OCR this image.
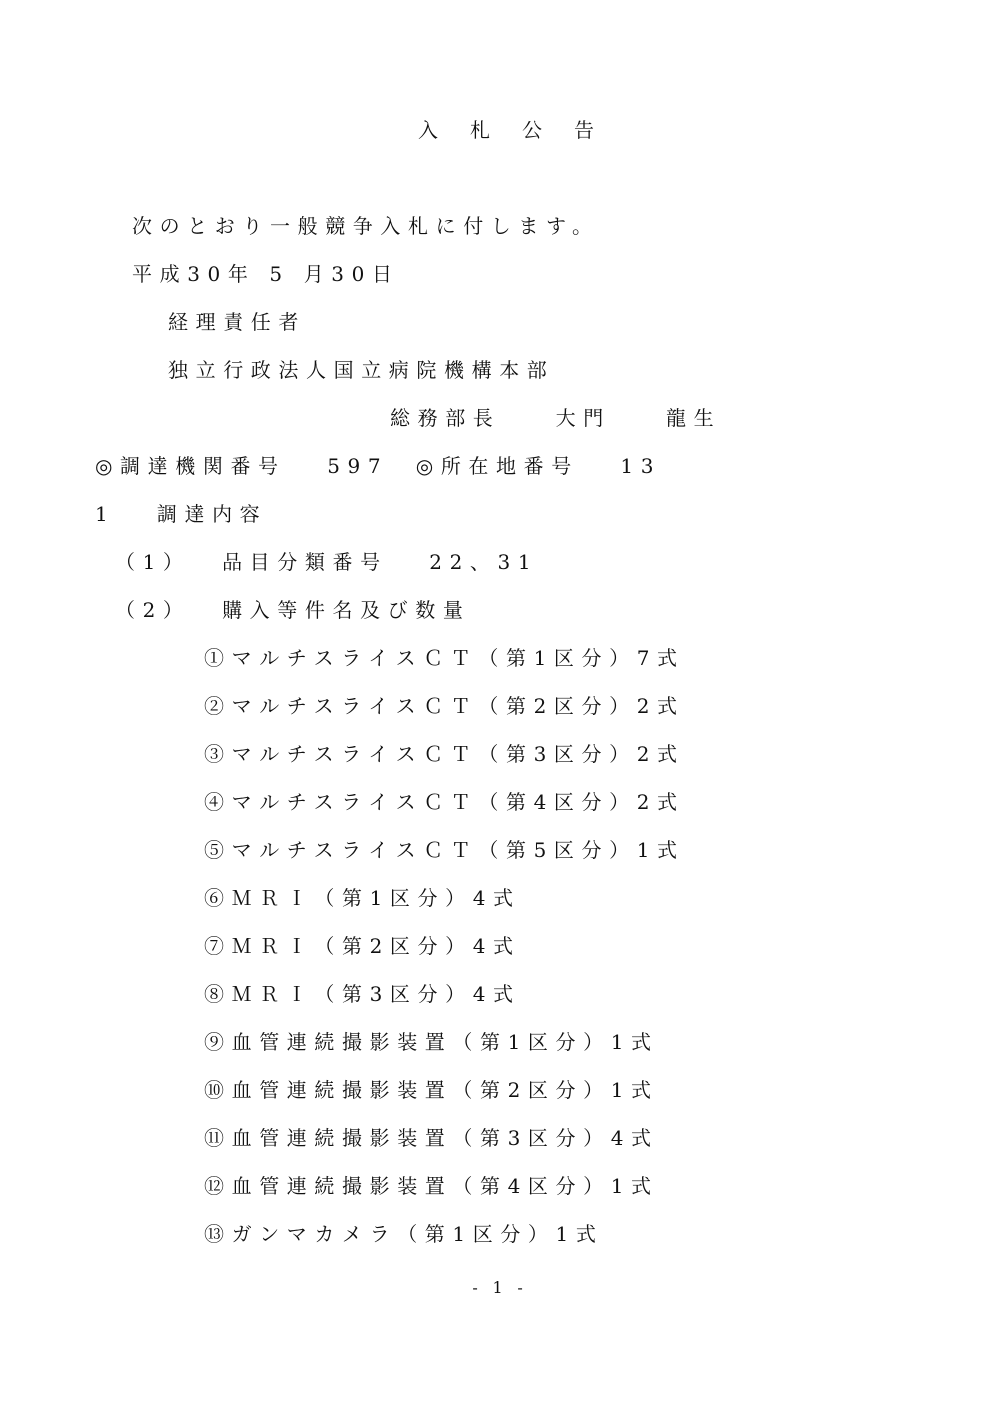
入札公告
次のとおり一般競争入札に付します。
平成30年 5 月30日
経理責任者
独立行政法人国立病院機構本部
総務部長　　大門　　龍生
◎調達機関番号　 597　◎所在地番号　 13
1　 調達内容
（1）　 品目分類番号　 22、31
（2）　 購入等件名及び数量
①マルチスライスＣＴ（第1区分）7式
②マルチスライスＣＴ（第2区分）2式
③マルチスライスＣＴ（第3区分）2式
④マルチスライスＣＴ（第4区分）2式
⑤マルチスライスＣＴ（第5区分）1式
⑥ＭＲＩ（第1区分）4式
⑦ＭＲＩ（第2区分）4式
⑧ＭＲＩ（第3区分）4式
⑨血管連続撮影装置（第1区分）1式
⑩血管連続撮影装置（第2区分）1式
⑪血管連続撮影装置（第3区分）4式
⑫血管連続撮影装置（第4区分）1式
⑬ガンマカメラ（第1区分）1式
- 1 -
